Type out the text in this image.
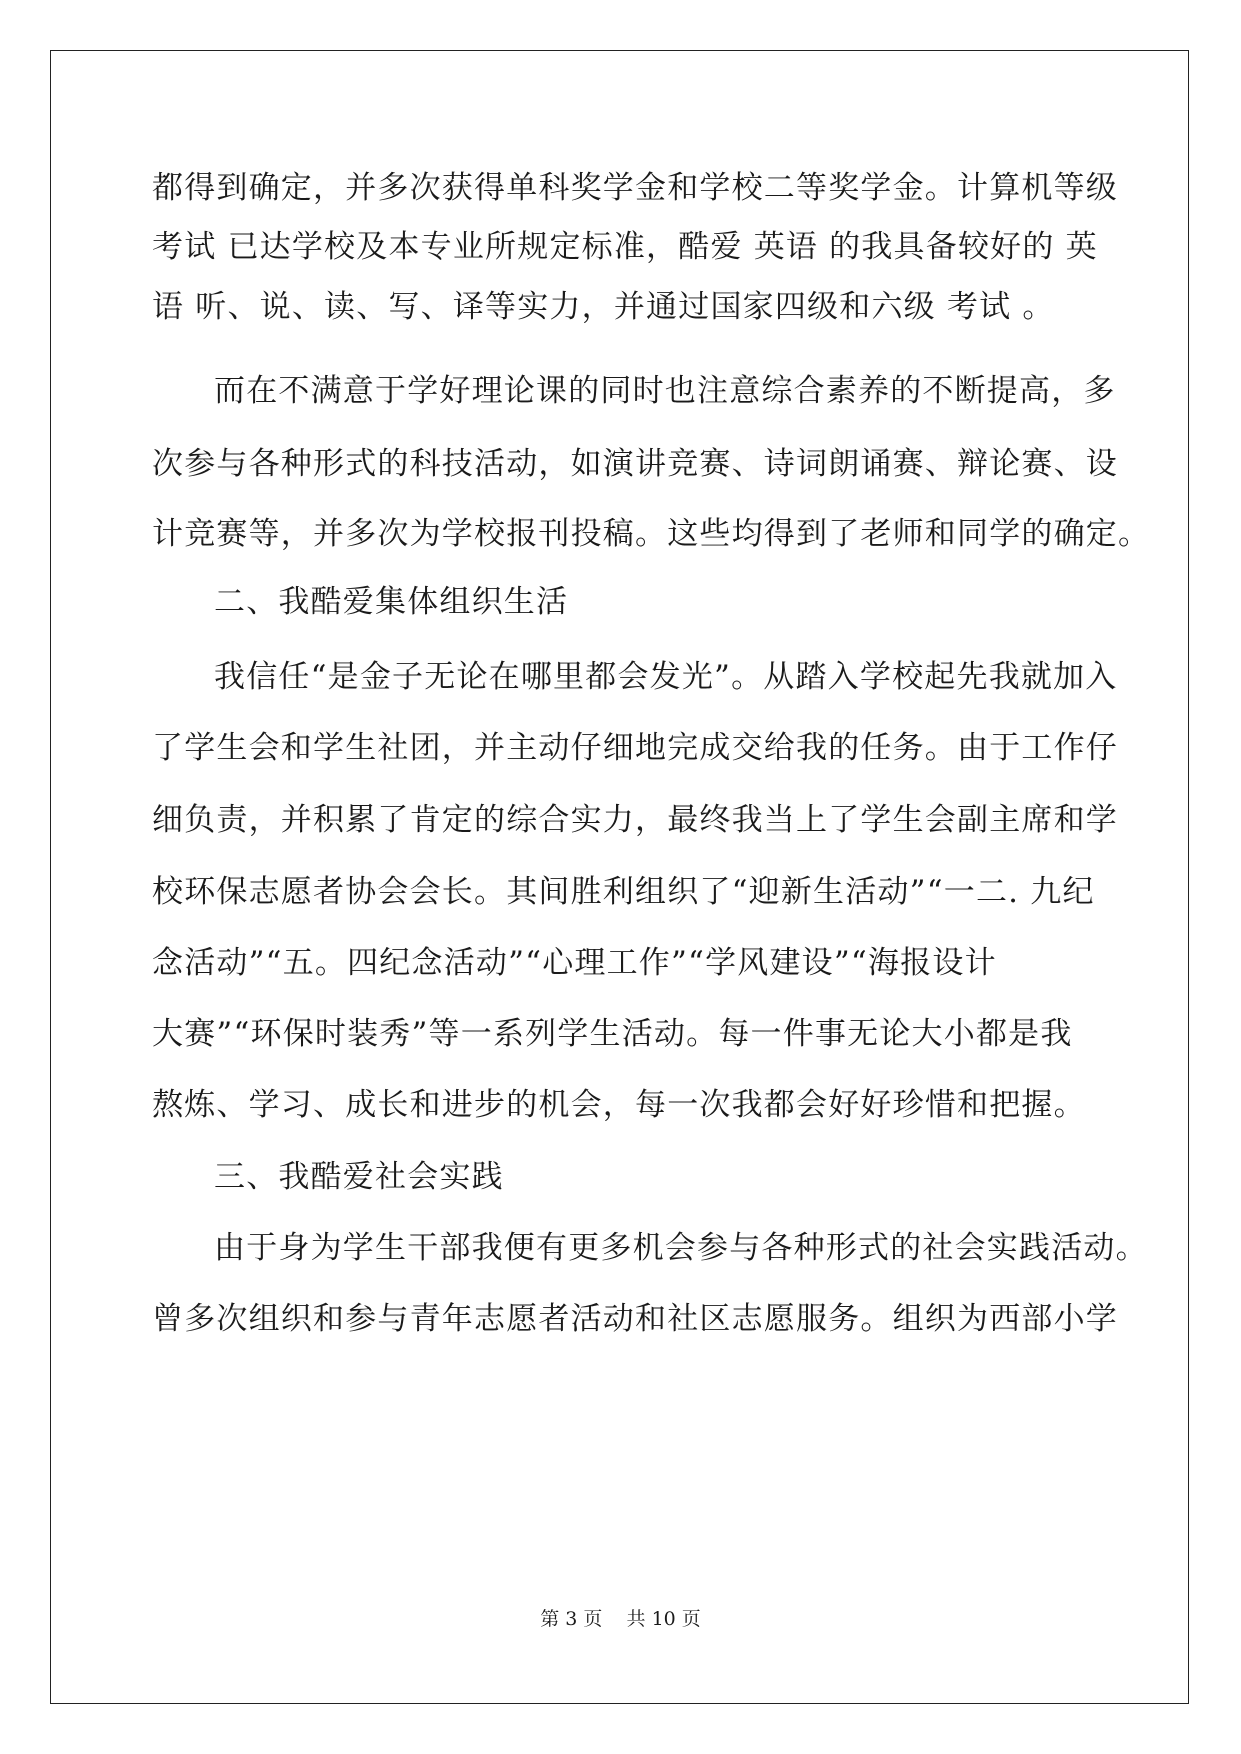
都得到确定，并多次获得单科奖学金和学校二等奖学金。计算机等级
考试 已达学校及本专业所规定标准，酷爱 英语 的我具备较好的 英
语 听、说、读、写、译等实力，并通过国家四级和六级 考试 。
而在不满意于学好理论课的同时也注意综合素养的不断提高，多
次参与各种形式的科技活动，如演讲竞赛、诗词朗诵赛、辩论赛、设
计竞赛等，并多次为学校报刊投稿。这些均得到了老师和同学的确定。
二、我酷爱集体组织生活
我信任“是金子无论在哪里都会发光”。从踏入学校起先我就加入
了学生会和学生社团，并主动仔细地完成交给我的任务。由于工作仔
细负责，并积累了肯定的综合实力，最终我当上了学生会副主席和学
校环保志愿者协会会长。其间胜利组织了“迎新生活动”“一二. 九纪
念活动”“五。四纪念活动”“心理工作”“学风建设”“海报设计
大赛”“环保时装秀”等一系列学生活动。每一件事无论大小都是我
熬炼、学习、成长和进步的机会，每一次我都会好好珍惜和把握。
三、我酷爱社会实践
由于身为学生干部我便有更多机会参与各种形式的社会实践活动。
曾多次组织和参与青年志愿者活动和社区志愿服务。组织为西部小学
第 3 页    共 10 页
